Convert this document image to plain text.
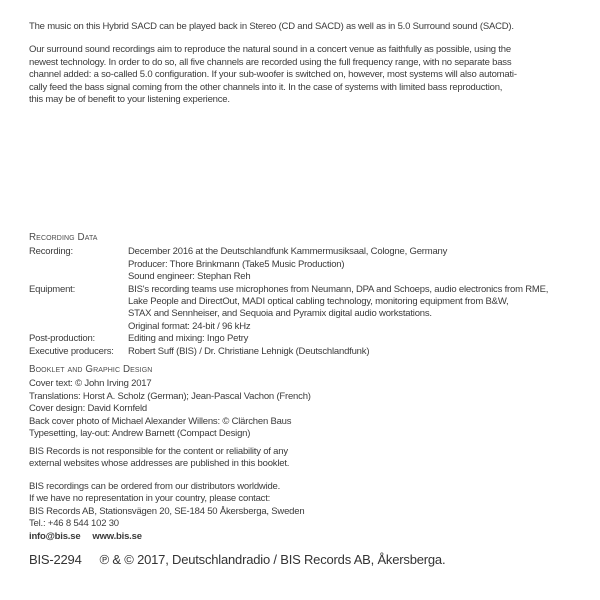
The music on this Hybrid SACD can be played back in Stereo (CD and SACD) as well as in 5.0 Surround sound (SACD).
Our surround sound recordings aim to reproduce the natural sound in a concert venue as faithfully as possible, using the
newest technology. In order to do so, all five channels are recorded using the full frequency range, with no separate bass
channel added: a so-called 5.0 configuration. If your sub-woofer is switched on, however, most systems will also automati-
cally feed the bass signal coming from the other channels into it. In the case of systems with limited bass reproduction,
this may be of benefit to your listening experience.
Recording Data
Recording:	December 2016 at the Deutschlandfunk Kammermusiksaal, Cologne, Germany
Producer: Thore Brinkmann (Take5 Music Production)
Sound engineer: Stephan Reh
Equipment:	BIS's recording teams use microphones from Neumann, DPA and Schoeps, audio electronics from RME,
Lake People and DirectOut, MADI optical cabling technology, monitoring equipment from B&W,
STAX and Sennheiser, and Sequoia and Pyramix digital audio workstations.
Original format: 24-bit / 96 kHz
Post-production:	Editing and mixing: Ingo Petry
Executive producers:	Robert Suff (BIS) / Dr. Christiane Lehnigk (Deutschlandfunk)
Booklet and Graphic Design
Cover text: © John Irving 2017
Translations: Horst A. Scholz (German); Jean-Pascal Vachon (French)
Cover design: David Kornfeld
Back cover photo of Michael Alexander Willens: © Clärchen Baus
Typesetting, lay-out: Andrew Barnett (Compact Design)
BIS Records is not responsible for the content or reliability of any
external websites whose addresses are published in this booklet.
BIS recordings can be ordered from our distributors worldwide.
If we have no representation in your country, please contact:
BIS Records AB, Stationsvägen 20, SE-184 50 Åkersberga, Sweden
Tel.: +46 8 544 102 30
info@bis.se www.bis.se
BIS-2294 ℗ & © 2017, Deutschlandradio / BIS Records AB, Åkersberga.
